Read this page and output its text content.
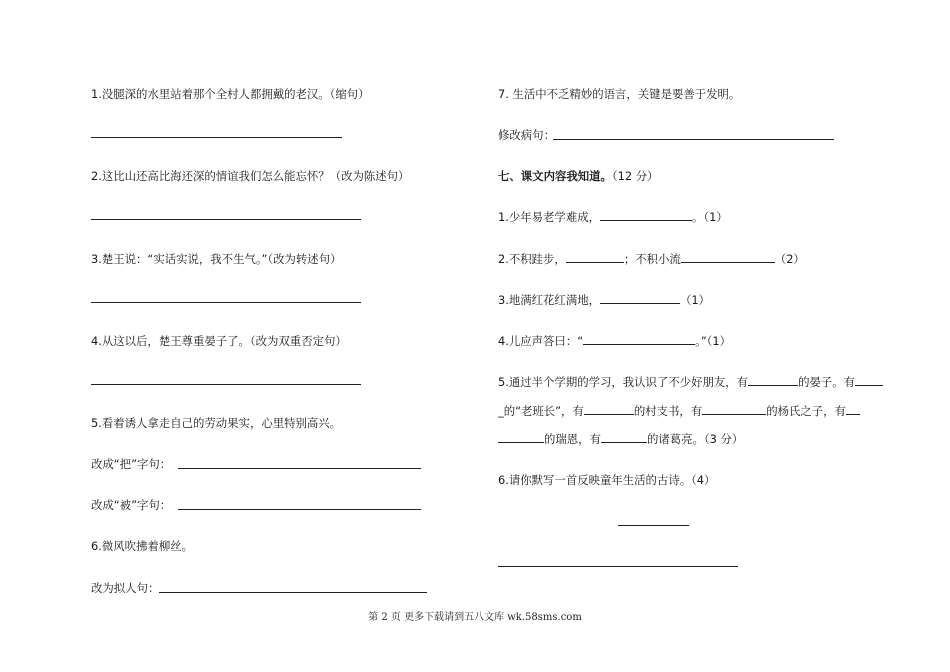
1.没腿深的水里站着那个全村人都拥戴的老汉。（缩句）
2.这比山还高比海还深的情谊我们怎么能忘怀？（改为陈述句）
3.楚王说：“实话实说，我不生气。”（改为转述句）
4.从这以后，楚王尊重晏子了。（改为双重否定句）
5.看着诱人拿走自己的劳动果实，心里特别高兴。
改成“把”字句：
改成“被”字句：
6.微风吹拂着柳丝。
改为拟人句：
7. 生活中不乏精妙的语言，关键是要善于发明。
修改病句：
七、课文内容我知道。（12 分）
1.少年易老学难成，	。（1）
2.不积跬步，	；不积小流	（2）
3.地满红花红满地，	（1）
4.儿应声答曰：“	。”（1）
5.通过半个学期的学习，我认识了不少好朋友，有	的晏子。有
_的“老班长”，有	的村支书，有	的杨氏之子，有
的瑞恩，有	的诸葛亮。（3 分）
6.请你默写一首反映童年生活的古诗。（4）
第 2 页 更多下载请到五八文库 wk.58sms.com
